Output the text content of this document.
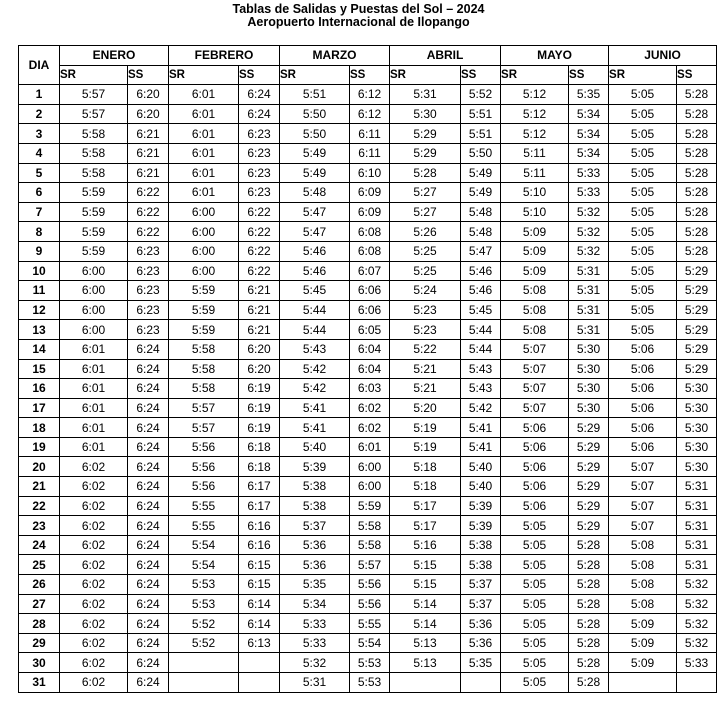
Tablas de Salidas y Puestas del Sol – 2024
Aeropuerto Internacional de Ilopango
DIA	ENERO		FEBRERO		MARZO		ABRIL		MAYO		JUNIO	
	SR	SS	SR	SS	SR	SS	SR	SS	SR	SS	SR	SS
1	5:57	6:20	6:01	6:24	5:51	6:12	5:31	5:52	5:12	5:35	5:05	5:28
2	5:57	6:20	6:01	6:24	5:50	6:12	5:30	5:51	5:12	5:34	5:05	5:28
3	5:58	6:21	6:01	6:23	5:50	6:11	5:29	5:51	5:12	5:34	5:05	5:28
4	5:58	6:21	6:01	6:23	5:49	6:11	5:29	5:50	5:11	5:34	5:05	5:28
5	5:58	6:21	6:01	6:23	5:49	6:10	5:28	5:49	5:11	5:33	5:05	5:28
6	5:59	6:22	6:01	6:23	5:48	6:09	5:27	5:49	5:10	5:33	5:05	5:28
7	5:59	6:22	6:00	6:22	5:47	6:09	5:27	5:48	5:10	5:32	5:05	5:28
8	5:59	6:22	6:00	6:22	5:47	6:08	5:26	5:48	5:09	5:32	5:05	5:28
9	5:59	6:23	6:00	6:22	5:46	6:08	5:25	5:47	5:09	5:32	5:05	5:28
10	6:00	6:23	6:00	6:22	5:46	6:07	5:25	5:46	5:09	5:31	5:05	5:29
11	6:00	6:23	5:59	6:21	5:45	6:06	5:24	5:46	5:08	5:31	5:05	5:29
12	6:00	6:23	5:59	6:21	5:44	6:06	5:23	5:45	5:08	5:31	5:05	5:29
13	6:00	6:23	5:59	6:21	5:44	6:05	5:23	5:44	5:08	5:31	5:05	5:29
14	6:01	6:24	5:58	6:20	5:43	6:04	5:22	5:44	5:07	5:30	5:06	5:29
15	6:01	6:24	5:58	6:20	5:42	6:04	5:21	5:43	5:07	5:30	5:06	5:29
16	6:01	6:24	5:58	6:19	5:42	6:03	5:21	5:43	5:07	5:30	5:06	5:30
17	6:01	6:24	5:57	6:19	5:41	6:02	5:20	5:42	5:07	5:30	5:06	5:30
18	6:01	6:24	5:57	6:19	5:41	6:02	5:19	5:41	5:06	5:29	5:06	5:30
19	6:01	6:24	5:56	6:18	5:40	6:01	5:19	5:41	5:06	5:29	5:06	5:30
20	6:02	6:24	5:56	6:18	5:39	6:00	5:18	5:40	5:06	5:29	5:07	5:30
21	6:02	6:24	5:56	6:17	5:38	6:00	5:18	5:40	5:06	5:29	5:07	5:31
22	6:02	6:24	5:55	6:17	5:38	5:59	5:17	5:39	5:06	5:29	5:07	5:31
23	6:02	6:24	5:55	6:16	5:37	5:58	5:17	5:39	5:05	5:29	5:07	5:31
24	6:02	6:24	5:54	6:16	5:36	5:58	5:16	5:38	5:05	5:28	5:08	5:31
25	6:02	6:24	5:54	6:15	5:36	5:57	5:15	5:38	5:05	5:28	5:08	5:31
26	6:02	6:24	5:53	6:15	5:35	5:56	5:15	5:37	5:05	5:28	5:08	5:32
27	6:02	6:24	5:53	6:14	5:34	5:56	5:14	5:37	5:05	5:28	5:08	5:32
28	6:02	6:24	5:52	6:14	5:33	5:55	5:14	5:36	5:05	5:28	5:09	5:32
29	6:02	6:24	5:52	6:13	5:33	5:54	5:13	5:36	5:05	5:28	5:09	5:32
30	6:02	6:24			5:32	5:53	5:13	5:35	5:05	5:28	5:09	5:33
31	6:02	6:24			5:31	5:53			5:05	5:28		
